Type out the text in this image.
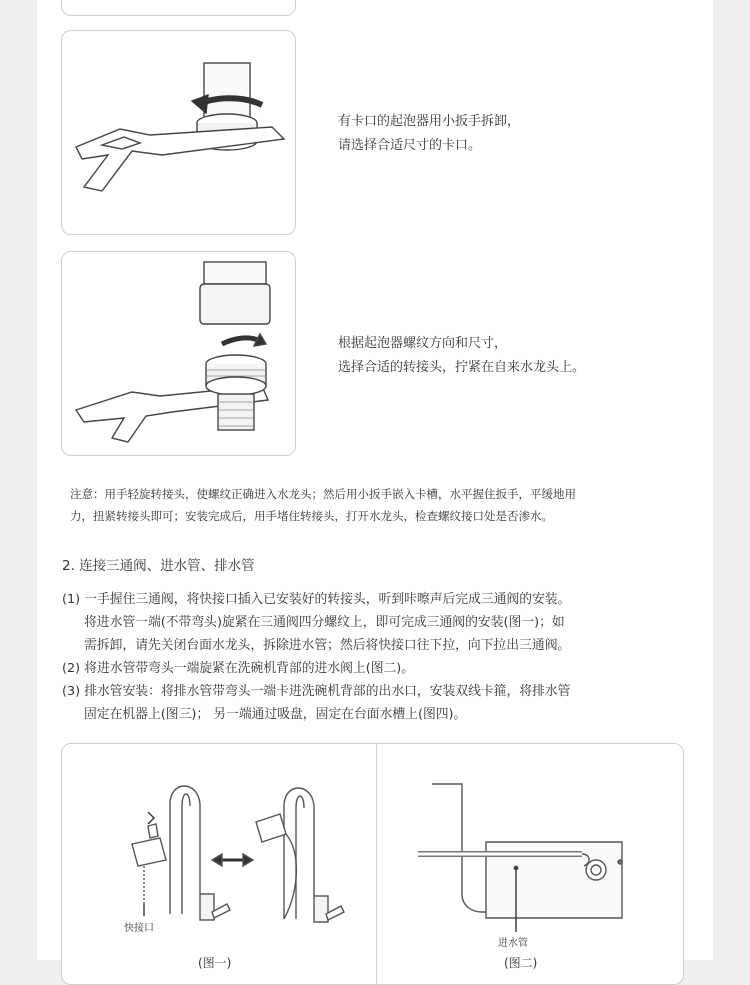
有卡口的起泡器用小扳手拆卸，
请选择合适尺寸的卡口。
根据起泡器螺纹方向和尺寸，
选择合适的转接头，拧紧在自来水龙头上。
注意：用手轻旋转接头，使螺纹正确进入水龙头；然后用小扳手嵌入卡槽，水平握住扳手，平缓地用
力，扭紧转接头即可；安装完成后，用手堵住转接头，打开水龙头，检查螺纹接口处是否渗水。
2. 连接三通阀、进水管、排水管
(1) 一手握住三通阀，将快接口插入已安装好的转接头，听到咔嚓声后完成三通阀的安装。
将进水管一端(不带弯头)旋紧在三通阀四分螺纹上，即可完成三通阀的安装(图一)；如
需拆卸，请先关闭台面水龙头，拆除进水管；然后将快接口往下拉，向下拉出三通阀。
(2) 将进水管带弯头一端旋紧在洗碗机背部的进水阀上(图二)。
(3) 排水管安装：将排水管带弯头一端卡进洗碗机背部的出水口，安装双线卡箍，将排水管
固定在机器上(图三)； 另一端通过吸盘，固定在台面水槽上(图四)。
快接口
进水管
(图一)	(图二)
